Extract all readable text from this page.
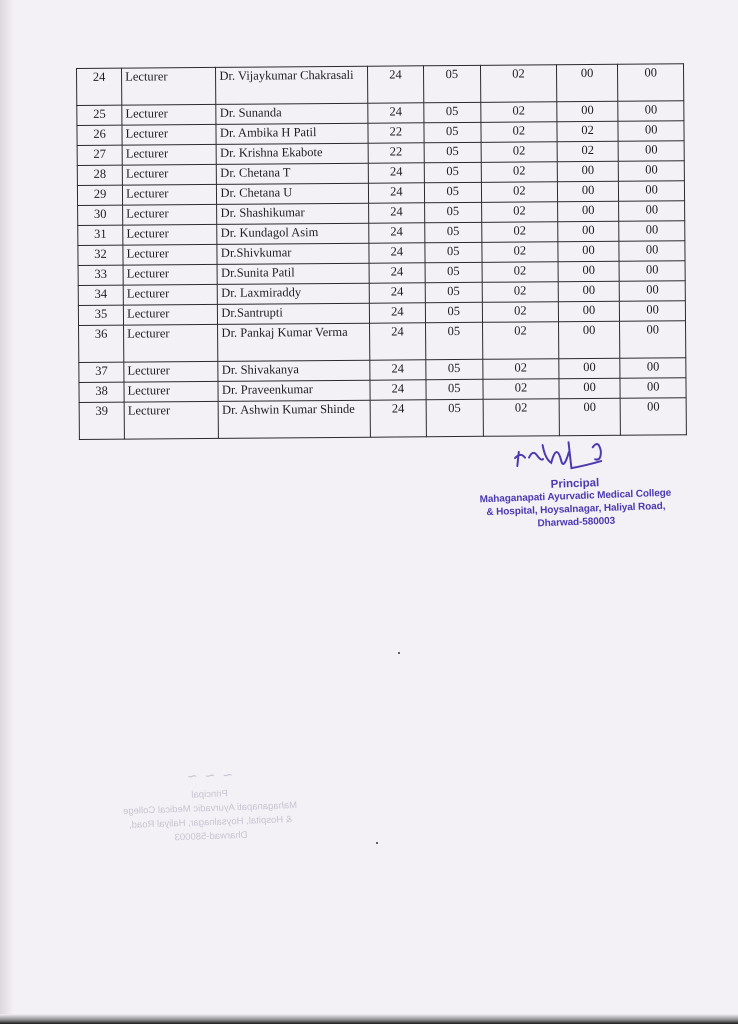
24	Lecturer	Dr. Vijaykumar Chakrasali	24	05	02	00	00
25	Lecturer	Dr. Sunanda	24	05	02	00	00
26	Lecturer	Dr. Ambika H Patil	22	05	02	02	00
27	Lecturer	Dr. Krishna Ekabote	22	05	02	02	00
28	Lecturer	Dr. Chetana T	24	05	02	00	00
29	Lecturer	Dr. Chetana U	24	05	02	00	00
30	Lecturer	Dr. Shashikumar	24	05	02	00	00
31	Lecturer	Dr. Kundagol Asim	24	05	02	00	00
32	Lecturer	Dr.Shivkumar	24	05	02	00	00
33	Lecturer	Dr.Sunita Patil	24	05	02	00	00
34	Lecturer	Dr. Laxmiraddy	24	05	02	00	00
35	Lecturer	Dr.Santrupti	24	05	02	00	00
36	Lecturer	Dr. Pankaj Kumar Verma	24	05	02	00	00
37	Lecturer	Dr. Shivakanya	24	05	02	00	00
38	Lecturer	Dr. Praveenkumar	24	05	02	00	00
39	Lecturer	Dr. Ashwin Kumar Shinde	24	05	02	00	00
Principal
Mahaganapati Ayurvadic Medical College
& Hospital, Hoysalnagar, Haliyal Road,
Dharwad-580003
~ ~ ~
Principal
Mahaganapati Ayurvadic Medical College
& Hospital, Hoysalnagar, Haliyal Road,
Dharwad-580003
